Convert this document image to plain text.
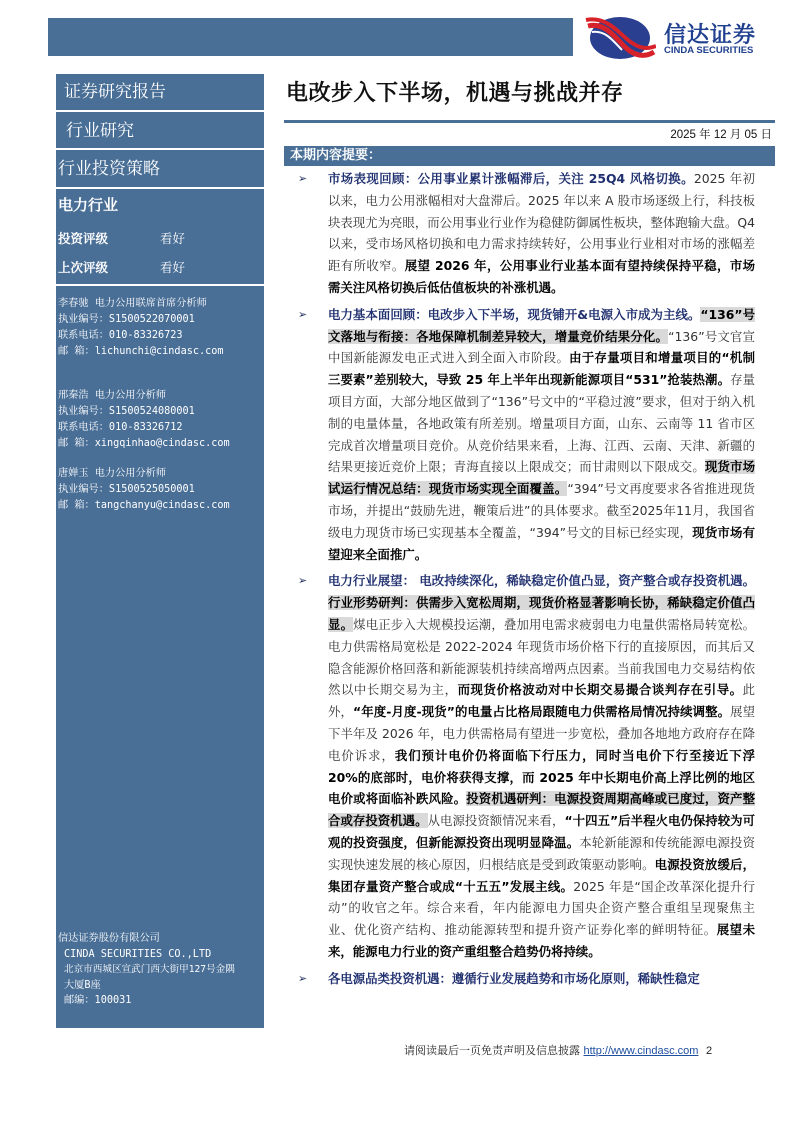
信达证券
CINDA SECURITIES
证券研究报告
行业研究
行业投资策略
电力行业
投资评级	看好
上次评级	看好
李春驰 电力公用联席首席分析师
执业编号：S1500522070001
联系电话：010-83326723
邮 箱：lichunchi@cindasc.com
邢秦浩 电力公用分析师
执业编号：S1500524080001
联系电话：010-83326712
邮 箱：xingqinhao@cindasc.com
唐婵玉 电力公用分析师
执业编号：S1500525050001
邮 箱：tangchanyu@cindasc.com
信达证券股份有限公司
CINDA SECURITIES CO.,LTD
北京市西城区宣武门西大街甲127号金隅
大厦B座
邮编：100031
电改步入下半场，机遇与挑战并存
2025 年 12 月 05 日
本期内容提要：
➢ 市场表现回顾：公用事业累计涨幅滞后，关注 25Q4 风格切换。2025 年初以来，电力公用涨幅相对大盘滞后。2025 年以来 A 股市场逐级上行，科技板块表现尤为亮眼，而公用事业行业作为稳健防御属性板块，整体跑输大盘。Q4 以来，受市场风格切换和电力需求持续转好，公用事业行业相对市场的涨幅差距有所收窄。展望 2026 年，公用事业行业基本面有望持续保持平稳，市场需关注风格切换后低估值板块的补涨机遇。
➢ 电力基本面回顾：电改步入下半场，现货铺开&电源入市成为主线。“136”号文落地与衔接：各地保障机制差异较大，增量竞价结果分化。“136”号文官宣中国新能源发电正式进入到全面入市阶段。由于存量项目和增量项目的“机制三要素”差别较大，导致 25 年上半年出现新能源项目“531”抢装热潮。存量项目方面，大部分地区做到了“136”号文中的“平稳过渡”要求，但对于纳入机制的电量体量，各地政策有所差别。增量项目方面，山东、云南等 11 省市区完成首次增量项目竞价。从竞价结果来看，上海、江西、云南、天津、新疆的结果更接近竞价上限；青海直接以上限成交；而甘肃则以下限成交。现货市场试运行情况总结：现货市场实现全面覆盖。“394”号文再度要求各省推进现货市场，并提出“鼓励先进，鞭策后进”的具体要求。截至2025年11月，我国省级电力现货市场已实现基本全覆盖，“394”号文的目标已经实现，现货市场有望迎来全面推广。
➢ 电力行业展望： 电改持续深化，稀缺稳定价值凸显，资产整合或存投资机遇。行业形势研判：供需步入宽松周期，现货价格显著影响长协，稀缺稳定价值凸显。煤电正步入大规模投运潮，叠加用电需求疲弱电力电量供需格局转宽松。电力供需格局宽松是 2022-2024 年现货市场价格下行的直接原因，而其后又隐含能源价格回落和新能源装机持续高增两点因素。当前我国电力交易结构依然以中长期交易为主，而现货价格波动对中长期交易撮合谈判存在引导。此外，“年度-月度-现货”的电量占比格局跟随电力供需格局情况持续调整。展望下半年及 2026 年，电力供需格局有望进一步宽松，叠加各地地方政府存在降电价诉求，我们预计电价仍将面临下行压力，同时当电价下行至接近下浮 20%的底部时，电价将获得支撑，而 2025 年中长期电价高上浮比例的地区电价或将面临补跌风险。投资机遇研判：电源投资周期高峰或已度过，资产整合或存投资机遇。从电源投资额情况来看，“十四五”后半程火电仍保持较为可观的投资强度，但新能源投资出现明显降温。本轮新能源和传统能源电源投资实现快速发展的核心原因，归根结底是受到政策驱动影响。电源投资放缓后，集团存量资产整合或成“十五五”发展主线。2025 年是“国企改革深化提升行动”的收官之年。综合来看，年内能源电力国央企资产整合重组呈现聚焦主业、优化资产结构、推动能源转型和提升资产证券化率的鲜明特征。展望未来，能源电力行业的资产重组整合趋势仍将持续。
➢ 各电源品类投资机遇：遵循行业发展趋势和市场化原则，稀缺性稳定
请阅读最后一页免责声明及信息披露 http://www.cindasc.com 2
